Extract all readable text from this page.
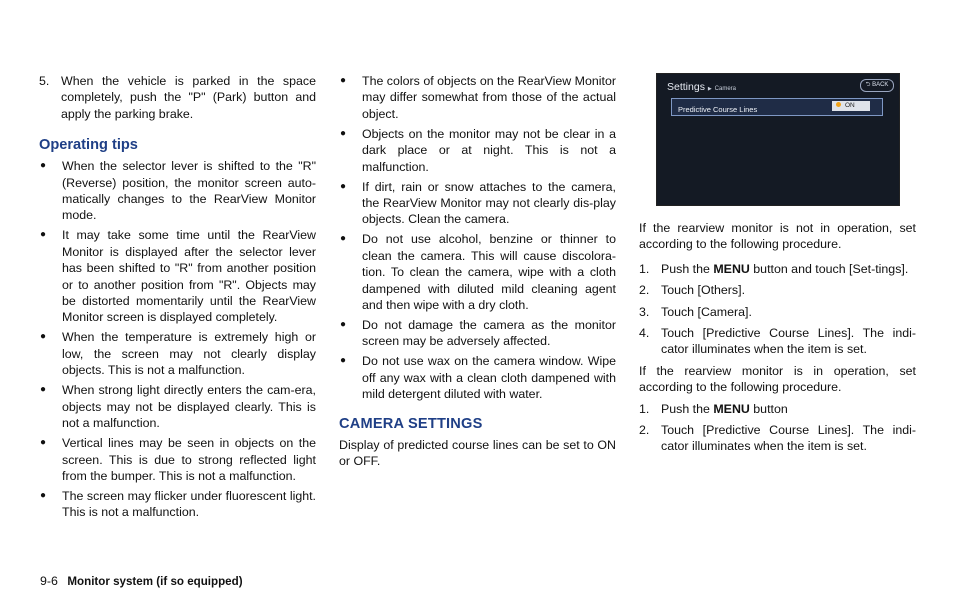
5. When the vehicle is parked in the space completely, push the "P" (Park) button and apply the parking brake.
Operating tips
●	When the selector lever is shifted to the "R" (Reverse) position, the monitor screen auto-matically changes to the RearView Monitor mode.
●	It may take some time until the RearView Monitor is displayed after the selector lever has been shifted to "R" from another position or to another position from "R". Objects may be distorted momentarily until the RearView Monitor screen is displayed completely.
●	When the temperature is extremely high or low, the screen may not clearly display objects. This is not a malfunction.
●	When strong light directly enters the cam-era, objects may not be displayed clearly. This is not a malfunction.
●	Vertical lines may be seen in objects on the screen. This is due to strong reflected light from the bumper. This is not a malfunction.
●	The screen may flicker under fluorescent light. This is not a malfunction.
●	The colors of objects on the RearView Monitor may differ somewhat from those of the actual object.
●	Objects on the monitor may not be clear in a dark place or at night. This is not a malfunction.
●	If dirt, rain or snow attaches to the camera, the RearView Monitor may not clearly dis-play objects. Clean the camera.
●	Do not use alcohol, benzine or thinner to clean the camera. This will cause discolora-tion. To clean the camera, wipe with a cloth dampened with diluted mild cleaning agent and then wipe with a dry cloth.
●	Do not damage the camera as the monitor screen may be adversely affected.
●	Do not use wax on the camera window. Wipe off any wax with a clean cloth dampened with mild detergent diluted with water.
CAMERA SETTINGS

Display of predicted course lines can be set to ON or OFF.

Settings ▶ Camera
⮌ BACK
Predictive Course Lines	ON

If the rearview monitor is not in operation, set according to the following procedure.

1. Push the MENU button and touch [Set-tings].
2. Touch [Others].
3. Touch [Camera].
4. Touch [Predictive Course Lines]. The indi-cator illuminates when the item is set.

If the rearview monitor is in operation, set according to the following procedure.

1. Push the MENU button
2. Touch [Predictive Course Lines]. The indi-cator illuminates when the item is set.
9-6 Monitor system (if so equipped)
